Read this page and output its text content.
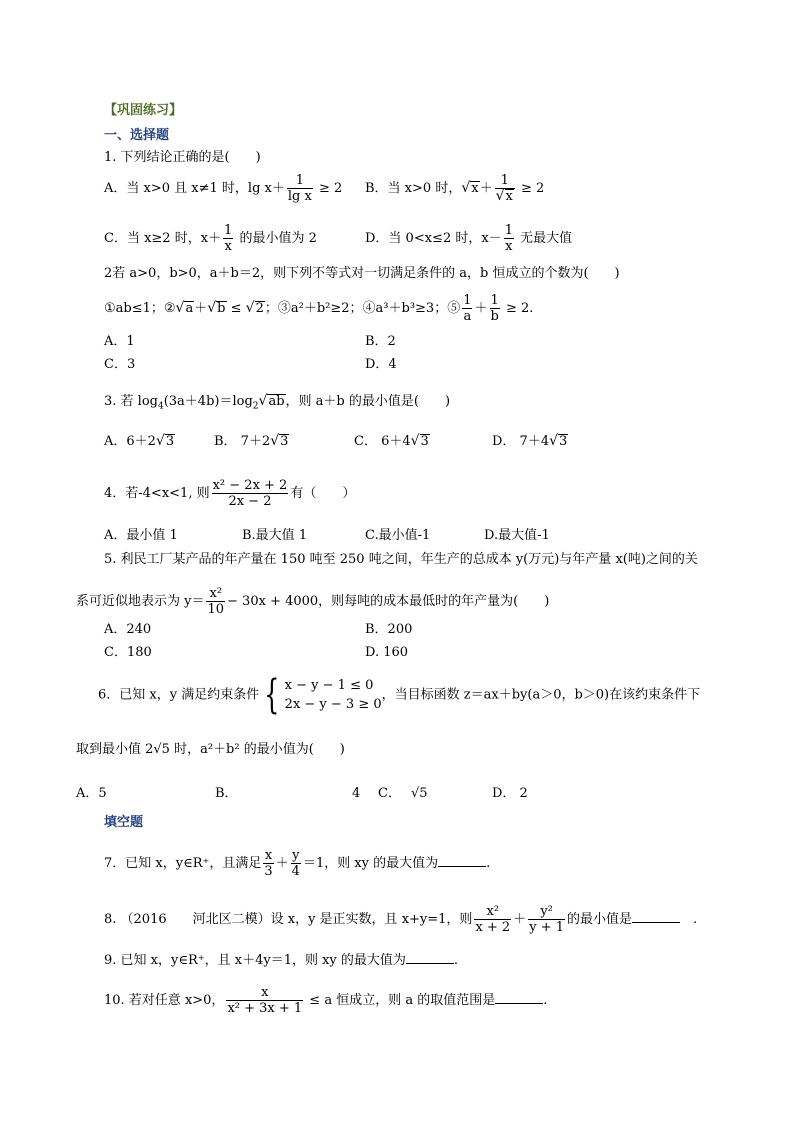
【巩固练习】
一、选择题
1. 下列结论正确的是(　　)
A．当 x>0 且 x≠1 时，$\lg x+ \frac{1}{\text{lg x}} \ge 2$ B．当 x>0 时，$√x+ \frac{1}{√x} \ge 2$
C．当 x≥2 时，$x+ \frac{1}{x}$ 的最小值为 2	D．当 0<x≤2 时，$x- \frac{1}{x}$ 无最大值
2若 a>0，b>0，a＋b＝2，则下列不等式对一切满足条件的 a，b 恒成立的个数为(　　)
①ab≤1；②√a＋√b ≤ √2；③a²＋b²≥2；④a³＋b³≥3；⑤ $\frac{1}{a} + \frac{1}{b} \ge 2$.
A．1	B．2
C．3	D．4
3. 若 $\log_4(3a+4b)=\log_2√ab$，则 a＋b 的最小值是(　　)
A．6＋2√3	B． 7＋2√3	C． 6＋4√3	D． 7＋4√3
4．若-4<x<1, 则 $\frac{\text{x² − 2x + 2}}{2x - 2}$ 有（　　）
A．最小值 1	B.最大值 1	C.最小值-1	D.最大值-1
5. 利民工厂某产品的年产量在 150 吨至 250 吨之间，年生产的总成本 y(万元)与年产量 x(吨)之间的关
系可近似地表示为 $y= \frac{\text{x²}}{10} - 30x + 4000$，则每吨的成本最低时的年产量为(　　)
A．240	B．200
C．180	D. 160
6．已知 x，y 满足约束条件 { x − y − 1 ≤ 0
2x − y − 3 ≥ 0
，当目标函数 z＝ax＋by(a＞0，b＞0)在该约束条件下
取到最小值 2√5 时，a²＋b² 的最小值为(　　)
A．5	B．	4 C． √5	D． 2
填空题
7．已知 x，y∈R⁺，且满足 $\frac{x}{3} + \frac{y}{4} =1$，则 xy 的最大值为	.
8. （2016　　河北区二模）设 x，y 是正实数，且 x+y=1，则 $\frac{\text{x²}}{x + 2} + \frac{\text{y²}}{y + 1}$ 的最小值是　	.
9. 已知 x，y∈R⁺，且 x＋4y＝1，则 xy 的最大值为	.
10. 若对任意 x>0， $\frac{x}{\text{x² + 3x + 1}} \le a$ 恒成立，则 a 的取值范围是	.
